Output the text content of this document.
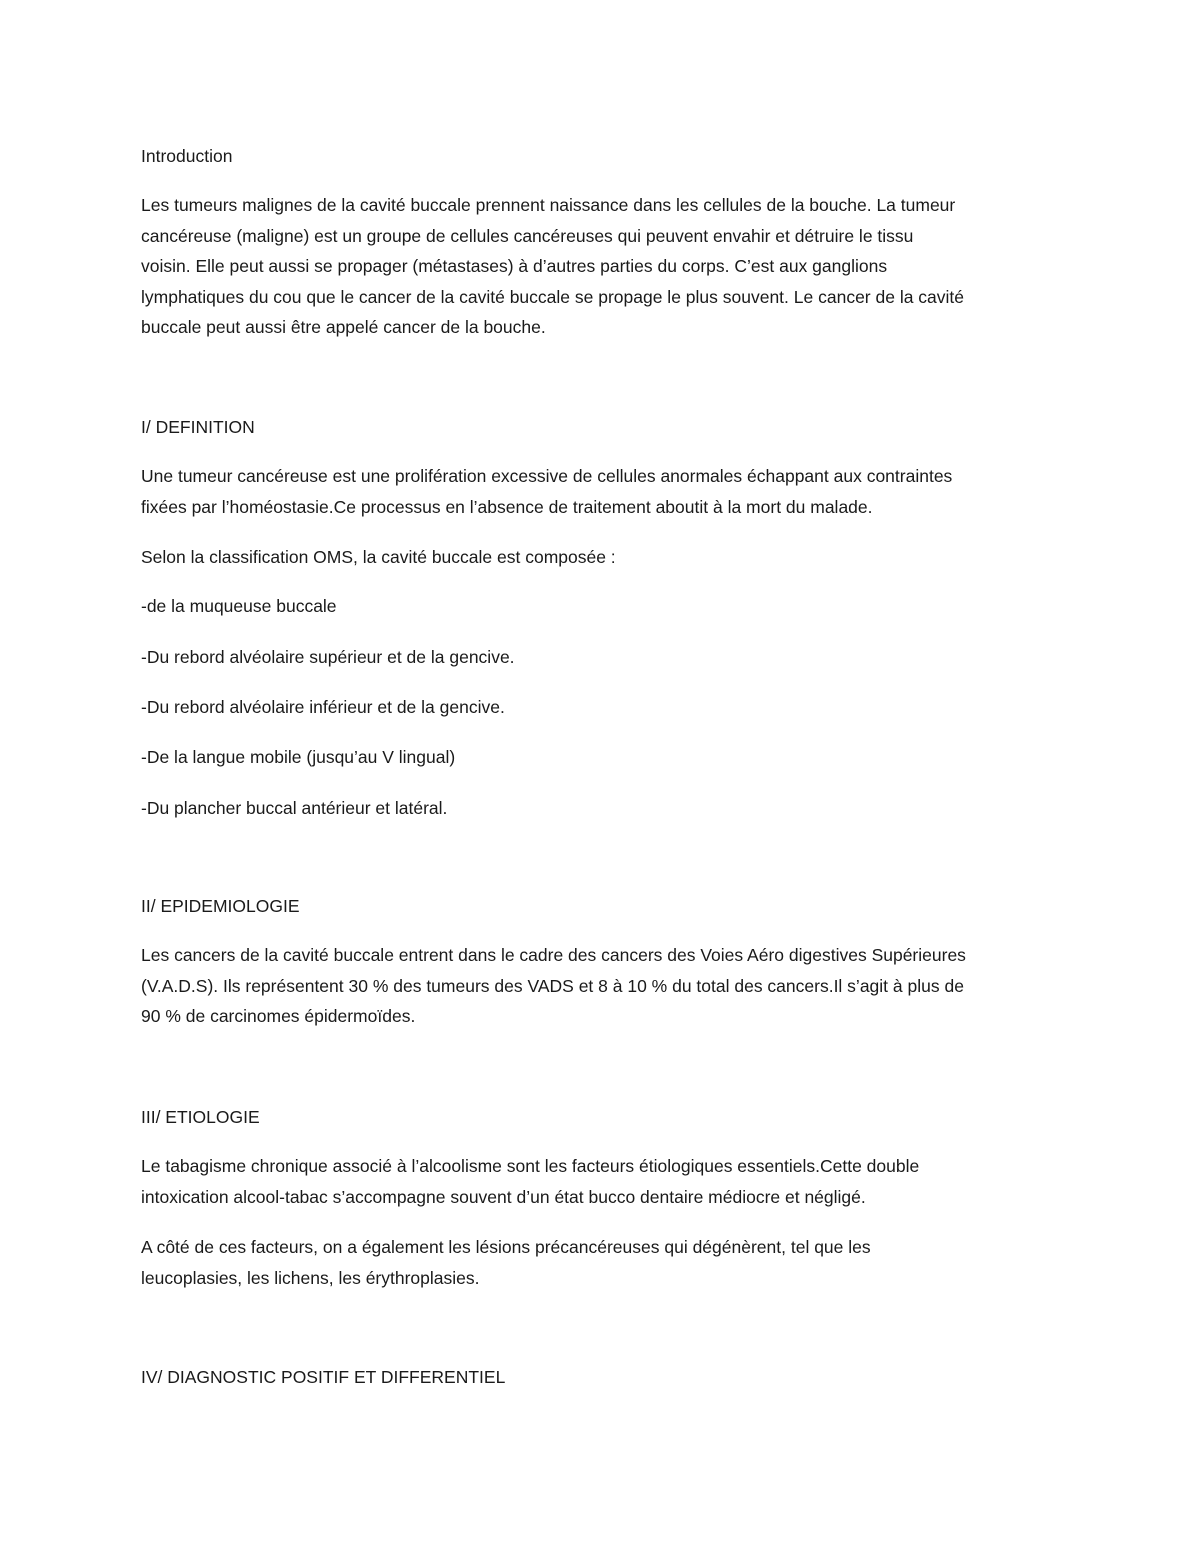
Introduction

Les tumeurs malignes de la cavité buccale prennent naissance dans les cellules de la bouche. La tumeur
cancéreuse (maligne) est un groupe de cellules cancéreuses qui peuvent envahir et détruire le tissu
voisin. Elle peut aussi se propager (métastases) à d’autres parties du corps. C’est aux ganglions
lymphatiques du cou que le cancer de la cavité buccale se propage le plus souvent. Le cancer de la cavité
buccale peut aussi être appelé cancer de la bouche.

I/ DEFINITION

Une tumeur cancéreuse est une prolifération excessive de cellules anormales échappant aux contraintes
fixées par l’homéostasie.Ce processus en l’absence de traitement aboutit à la mort du malade.

Selon la classification OMS, la cavité buccale est composée :

-de la muqueuse buccale

-Du rebord alvéolaire supérieur et de la gencive.

-Du rebord alvéolaire inférieur et de la gencive.

-De la langue mobile (jusqu’au V lingual)

-Du plancher buccal antérieur et latéral.

II/ EPIDEMIOLOGIE

Les cancers de la cavité buccale entrent dans le cadre des cancers des Voies Aéro digestives Supérieures
(V.A.D.S). Ils représentent 30 % des tumeurs des VADS et 8 à 10 % du total des cancers.Il s’agit à plus de
90 % de carcinomes épidermoïdes.

III/ ETIOLOGIE

Le tabagisme chronique associé à l’alcoolisme sont les facteurs étiologiques essentiels.Cette double
intoxication alcool-tabac s’accompagne souvent d’un état bucco dentaire médiocre et négligé.

A côté de ces facteurs, on a également les lésions précancéreuses qui dégénèrent, tel que les
leucoplasies, les lichens, les érythroplasies.

IV/ DIAGNOSTIC POSITIF ET DIFFERENTIEL
